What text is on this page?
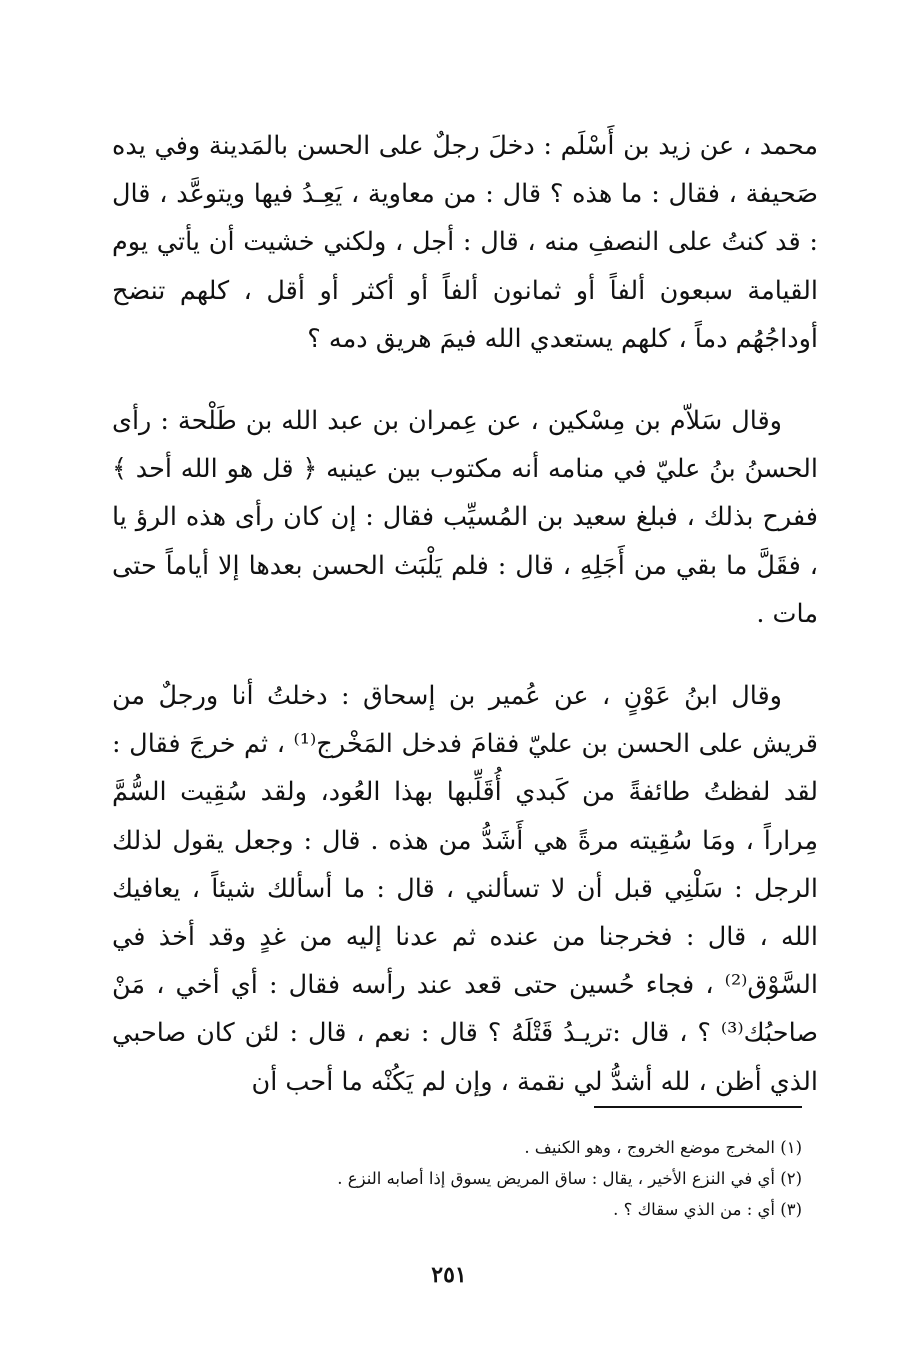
محمد ، عن زيد بن أَسْلَم : دخلَ رجلٌ على الحسن بالمَدينة وفي يده صَحيفة ، فقال : ما هذه ؟ قال : من معاوية ، يَعِـدُ فيها ويتوعَّد ، قال : قد كنتُ على النصفِ منه ، قال : أجل ، ولكني خشيت أن يأتي يوم القيامة سبعون ألفاً أو ثمانون ألفاً أو أكثر أو أقل ، كلهم تنضح أوداجُهُم دماً ، كلهم يستعدي الله فيمَ هريق دمه ؟

وقال سَلاّم بن مِسْكين ، عن عِمران بن عبد الله بن طَلْحة : رأى الحسنُ بنُ عليّ في منامه أنه مكتوب بين عينيه ﴿ قل هو الله أحد ﴾ ففرح بذلك ، فبلغ سعيد بن المُسيِّب فقال : إن كان رأى هذه الرؤ يا ، فقَلَّ ما بقي من أَجَلِهِ ، قال : فلم يَلْبَث الحسن بعدها إلا أياماً حتى مات .

وقال ابنُ عَوْنٍ ، عن عُمير بن إسحاق : دخلتُ أنا ورجلٌ من قريش على الحسن بن عليّ فقامَ فدخل المَخْرج⁽¹⁾ ، ثم خرجَ فقال : لقد لفظتُ طائفةً من كَبدي أُقَلِّبها بهذا العُود، ولقد سُقِيت السُّمَّ مِراراً ، ومَا سُقِيته مرةً هي أَشَدُّ من هذه . قال : وجعل يقول لذلك الرجل : سَلْنِي قبل أن لا تسألني ، قال : ما أسألك شيئاً ، يعافيك الله ، قال : فخرجنا من عنده ثم عدنا إليه من غدٍ وقد أخذ في السَّوْق⁽²⁾ ، فجاء حُسين حتى قعد عند رأسه فقال : أي أخي ، مَنْ صاحبُك⁽³⁾ ؟ ، قال :تريـدُ قَتْلَهُ ؟ قال : نعم ، قال : لئن كان صاحبي الذي أظن ، لله أشدُّ لي نقمة ، وإن لم يَكُنْه ما أحب أن

(١) المخرج موضع الخروج ، وهو الكنيف .

(٢) أي في النزع الأخير ، يقال : ساق المريض يسوق إذا أصابه النزع .

(٣) أي : من الذي سقاك ؟ .

٢٥١
